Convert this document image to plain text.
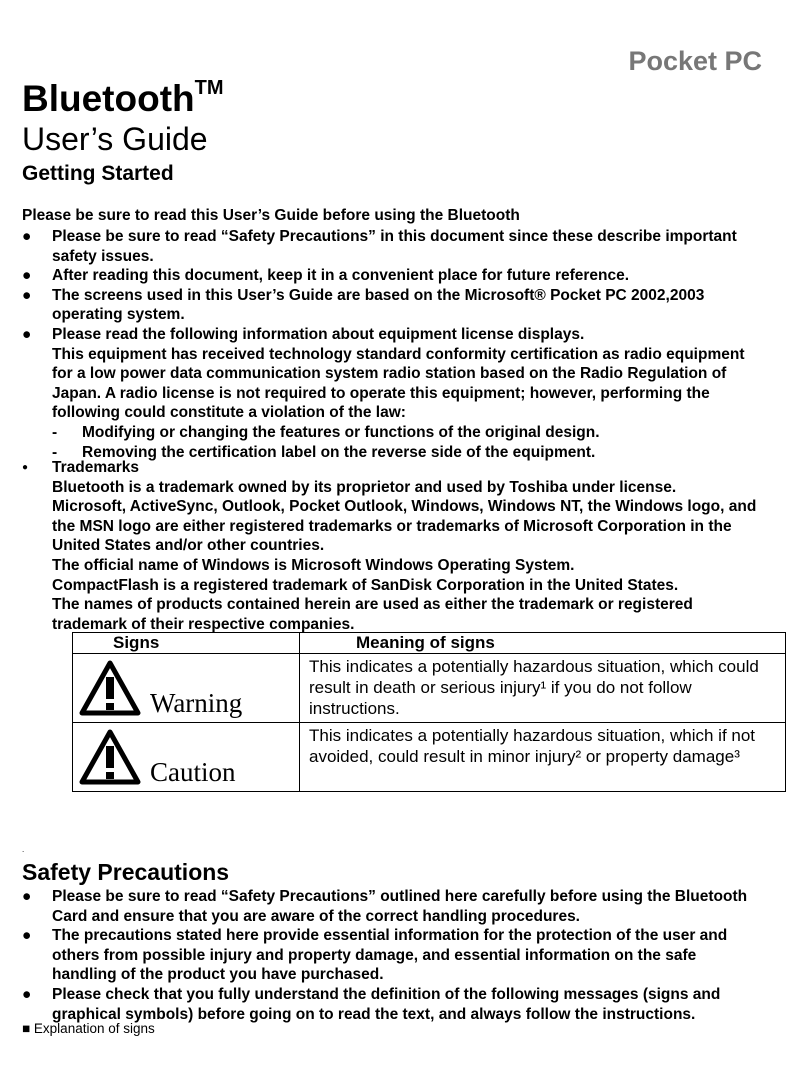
Pocket PC
Bluetooth™
User’s Guide
Getting Started
Please be sure to read this User’s Guide before using the Bluetooth
● Please be sure to read “Safety Precautions” in this document since these describe important safety issues.
● After reading this document, keep it in a convenient place for future reference.
● The screens used in this User’s Guide are based on the Microsoft® Pocket PC 2002,2003 operating system.
● Please read the following information about equipment license displays.
This equipment has received technology standard conformity certification as radio equipment for a low power data communication system radio station based on the Radio Regulation of Japan. A radio license is not required to operate this equipment; however, performing the following could constitute a violation of the law:
- Modifying or changing the features or functions of the original design.
- Removing the certification label on the reverse side of the equipment.
● Trademarks
Bluetooth is a trademark owned by its proprietor and used by Toshiba under license.
Microsoft, ActiveSync, Outlook, Pocket Outlook, Windows, Windows NT, the Windows logo, and the MSN logo are either registered trademarks or trademarks of Microsoft Corporation in the United States and/or other countries.
The official name of Windows is Microsoft Windows Operating System.
CompactFlash is a registered trademark of SanDisk Corporation in the United States.
The names of products contained herein are used as either the trademark or registered trademark of their respective companies.
Signs	Meaning of signs

Warning	This indicates a potentially hazardous situation, which could result in death or serious injury¹ if you do not follow instructions.

Caution	This indicates a potentially hazardous situation, which if not avoided, could result in minor injury² or property damage³
.
Safety Precautions
● Please be sure to read “Safety Precautions” outlined here carefully before using the Bluetooth Card and ensure that you are aware of the correct handling procedures.
● The precautions stated here provide essential information for the protection of the user and others from possible injury and property damage, and essential information on the safe handling of the product you have purchased.
● Please check that you fully understand the definition of the following messages (signs and graphical symbols) before going on to read the text, and always follow the instructions.
■ Explanation of signs
